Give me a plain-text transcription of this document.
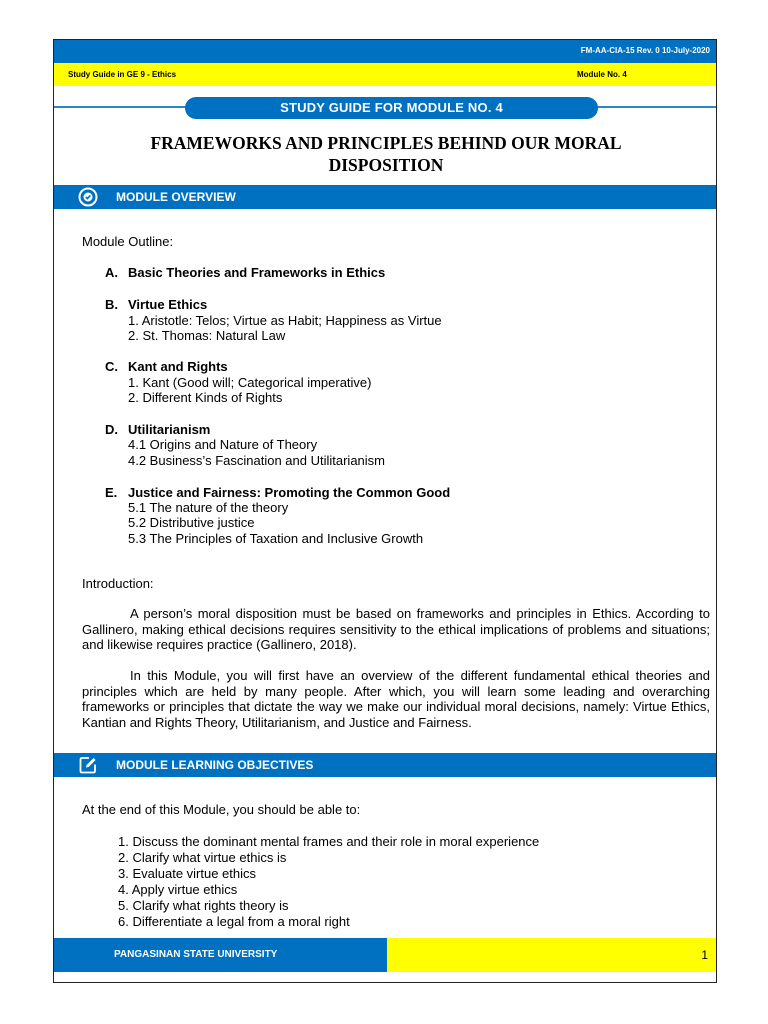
FM-AA-CIA-15 Rev. 0 10-July-2020
Study Guide in GE 9 - Ethics	Module No. 4
STUDY GUIDE FOR MODULE NO. 4
FRAMEWORKS AND PRINCIPLES BEHIND OUR MORAL
DISPOSITION
MODULE OVERVIEW
Module Outline:
A. Basic Theories and Frameworks in Ethics
B. Virtue Ethics
1. Aristotle: Telos; Virtue as Habit; Happiness as Virtue
2. St. Thomas: Natural Law
C. Kant and Rights
1. Kant (Good will; Categorical imperative)
2. Different Kinds of Rights
D. Utilitarianism
4.1 Origins and Nature of Theory
4.2 Business’s Fascination and Utilitarianism
E. Justice and Fairness: Promoting the Common Good
5.1 The nature of the theory
5.2 Distributive justice
5.3 The Principles of Taxation and Inclusive Growth
Introduction:
A person’s moral disposition must be based on frameworks and principles in Ethics. According to Gallinero, making ethical decisions requires sensitivity to the ethical implications of problems and situations; and likewise requires practice (Gallinero, 2018).
In this Module, you will first have an overview of the different fundamental ethical theories and principles which are held by many people. After which, you will learn some leading and overarching frameworks or principles that dictate the way we make our individual moral decisions, namely: Virtue Ethics, Kantian and Rights Theory, Utilitarianism, and Justice and Fairness.
MODULE LEARNING OBJECTIVES
At the end of this Module, you should be able to:
1. Discuss the dominant mental frames and their role in moral experience
2. Clarify what virtue ethics is
3. Evaluate virtue ethics
4. Apply virtue ethics
5. Clarify what rights theory is
6. Differentiate a legal from a moral right
PANGASINAN STATE UNIVERSITY	1
